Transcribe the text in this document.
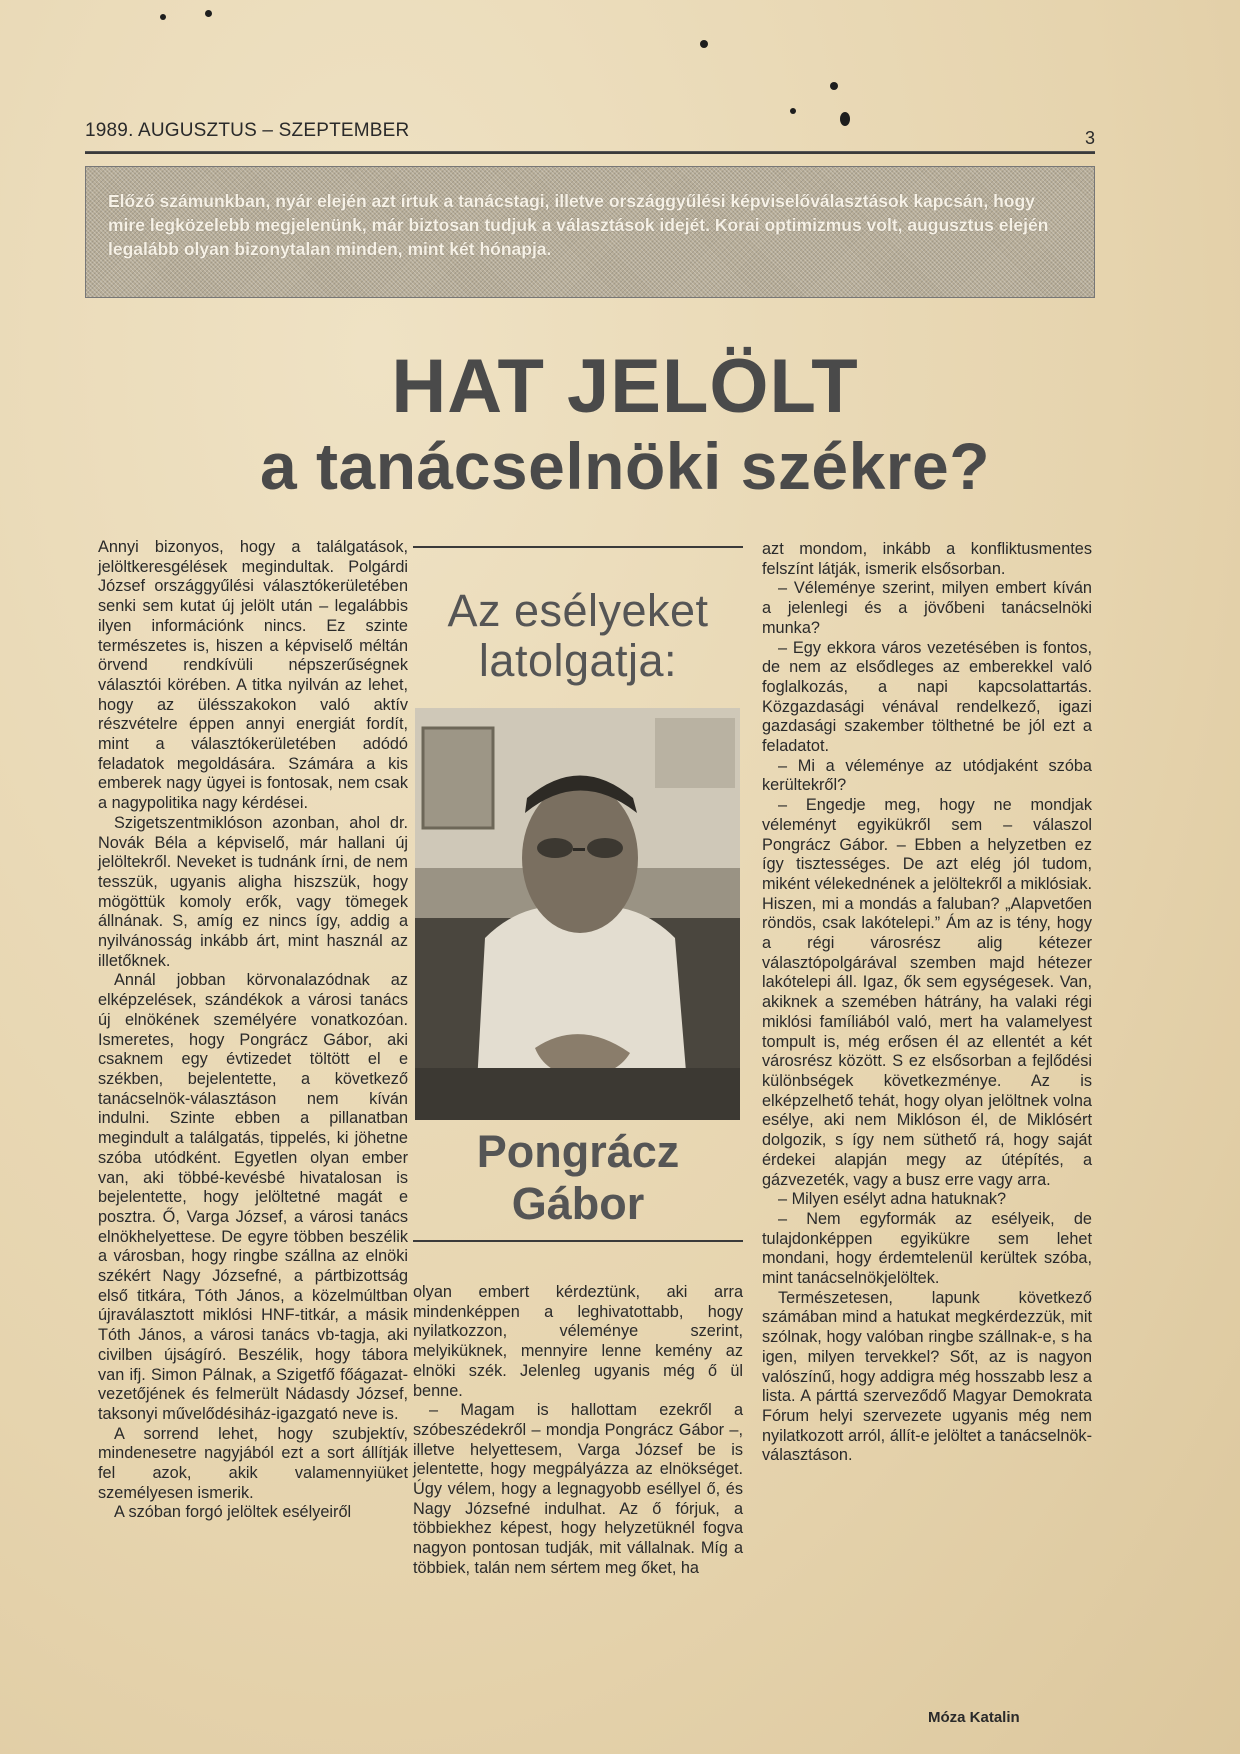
1989. AUGUSZTUS – SZEPTEMBER	3
Előző számunkban, nyár elején azt írtuk a tanácstagi, illetve országgyűlési képviselőválasztások kapcsán, hogy mire legközelebb megjelenünk, már biztosan tudjuk a választások idejét. Korai optimizmus volt, augusztus elején legalább olyan bizonytalan minden, mint két hónapja.
HAT JELÖLT
a tanácselnöki székre?

Annyi bizonyos, hogy a találgatások, jelöltkeresgélések megindultak. Polgárdi József országgyűlési választókerületében senki sem kutat új jelölt után – legalábbis ilyen információnk nincs. Ez szinte természetes is, hiszen a képviselő méltán örvend rendkívüli népszerűségnek választói körében. A titka nyilván az lehet, hogy az ülésszakokon való aktív részvételre éppen annyi energiát fordít, mint a választókerületében adódó feladatok megoldására. Számára a kis emberek nagy ügyei is fontosak, nem csak a nagypolitika nagy kérdései.

Szigetszentmiklóson azonban, ahol dr. Novák Béla a képviselő, már hallani új jelöltekről. Neveket is tudnánk írni, de nem tesszük, ugyanis aligha hiszszük, hogy mögöttük komoly erők, vagy tömegek állnának. S, amíg ez nincs így, addig a nyilvánosság inkább árt, mint használ az illetőknek.

Annál jobban körvonalazódnak az elképzelések, szándékok a városi tanács új elnökének személyére vonatkozóan. Ismeretes, hogy Pongrácz Gábor, aki csaknem egy évtizedet töltött el e székben, bejelentette, a következő tanácselnök-választáson nem kíván indulni. Szinte ebben a pillanatban megindult a találgatás, tippelés, ki jöhetne szóba utódként. Egyetlen olyan ember van, aki többé-kevésbé hivatalosan is bejelentette, hogy jelöltetné magát e posztra. Ő, Varga József, a városi tanács elnökhelyettese. De egyre többen beszélik a városban, hogy ringbe szállna az elnöki székért Nagy Józsefné, a pártbizottság első titkára, Tóth János, a közelmúltban újraválasztott miklósi HNF-titkár, a másik Tóth János, a városi tanács vb-tagja, aki civilben újságíró. Beszélik, hogy tábora van ifj. Simon Pálnak, a Szigetfő főágazat-vezetőjének és felmerült Nádasdy József, taksonyi művelődésiház-igazgató neve is.

A sorrend lehet, hogy szubjektív, mindenesetre nagyjából ezt a sort állítják fel azok, akik valamennyiüket személyesen ismerik.

A szóban forgó jelöltek esélyeiről

Az esélyeket
latolgatja:
Pongrácz
Gábor

olyan embert kérdeztünk, aki arra mindenképpen a leghivatottabb, hogy nyilatkozzon, véleménye szerint, melyiküknek, mennyire lenne kemény az elnöki szék. Jelenleg ugyanis még ő ül benne.

– Magam is hallottam ezekről a szóbeszédekről – mondja Pongrácz Gábor –, illetve helyettesem, Varga József be is jelentette, hogy megpályázza az elnökséget. Úgy vélem, hogy a legnagyobb eséllyel ő, és Nagy Józsefné indulhat. Az ő fórjuk, a többiekhez képest, hogy helyzetüknél fogva nagyon pontosan tudják, mit vállalnak. Míg a többiek, talán nem sértem meg őket, ha

azt mondom, inkább a konfliktusmentes felszínt látják, ismerik elsősorban.

– Véleménye szerint, milyen embert kíván a jelenlegi és a jövőbeni tanácselnöki munka?

– Egy ekkora város vezetésében is fontos, de nem az elsődleges az emberekkel való foglalkozás, a napi kapcsolattartás. Közgazdasági vénával rendelkező, igazi gazdasági szakember tölthetné be jól ezt a feladatot.

– Mi a véleménye az utódjaként szóba kerültekről?

– Engedje meg, hogy ne mondjak véleményt egyikükről sem – válaszol Pongrácz Gábor. – Ebben a helyzetben ez így tisztességes. De azt elég jól tudom, miként vélekednének a jelöltekről a miklósiak. Hiszen, mi a mondás a faluban? „Alapvetően röndös, csak lakótelepi.” Ám az is tény, hogy a régi városrész alig kétezer választópolgárával szemben majd hétezer lakótelepi áll. Igaz, ők sem egységesek. Van, akiknek a szemében hátrány, ha valaki régi miklósi famíliából való, mert ha valamelyest tompult is, még erősen él az ellentét a két városrész között. S ez elsősorban a fejlődési különbségek következménye. Az is elképzelhető tehát, hogy olyan jelöltnek volna esélye, aki nem Miklóson él, de Miklósért dolgozik, s így nem süthető rá, hogy saját érdekei alapján megy az útépítés, a gázvezeték, vagy a busz erre vagy arra.

– Milyen esélyt adna hatuknak?

– Nem egyformák az esélyeik, de tulajdonképpen egyikükre sem lehet mondani, hogy érdemtelenül kerültek szóba, mint tanácselnökjelöltek.

Természetesen, lapunk következő számában mind a hatukat megkérdezzük, mit szólnak, hogy valóban ringbe szállnak-e, s ha igen, milyen tervekkel? Sőt, az is nagyon valószínű, hogy addigra még hosszabb lesz a lista. A párttá szerveződő Magyar Demokrata Fórum helyi szervezete ugyanis még nem nyilatkozott arról, állít-e jelöltet a tanácselnök-választáson.

Móza Katalin
